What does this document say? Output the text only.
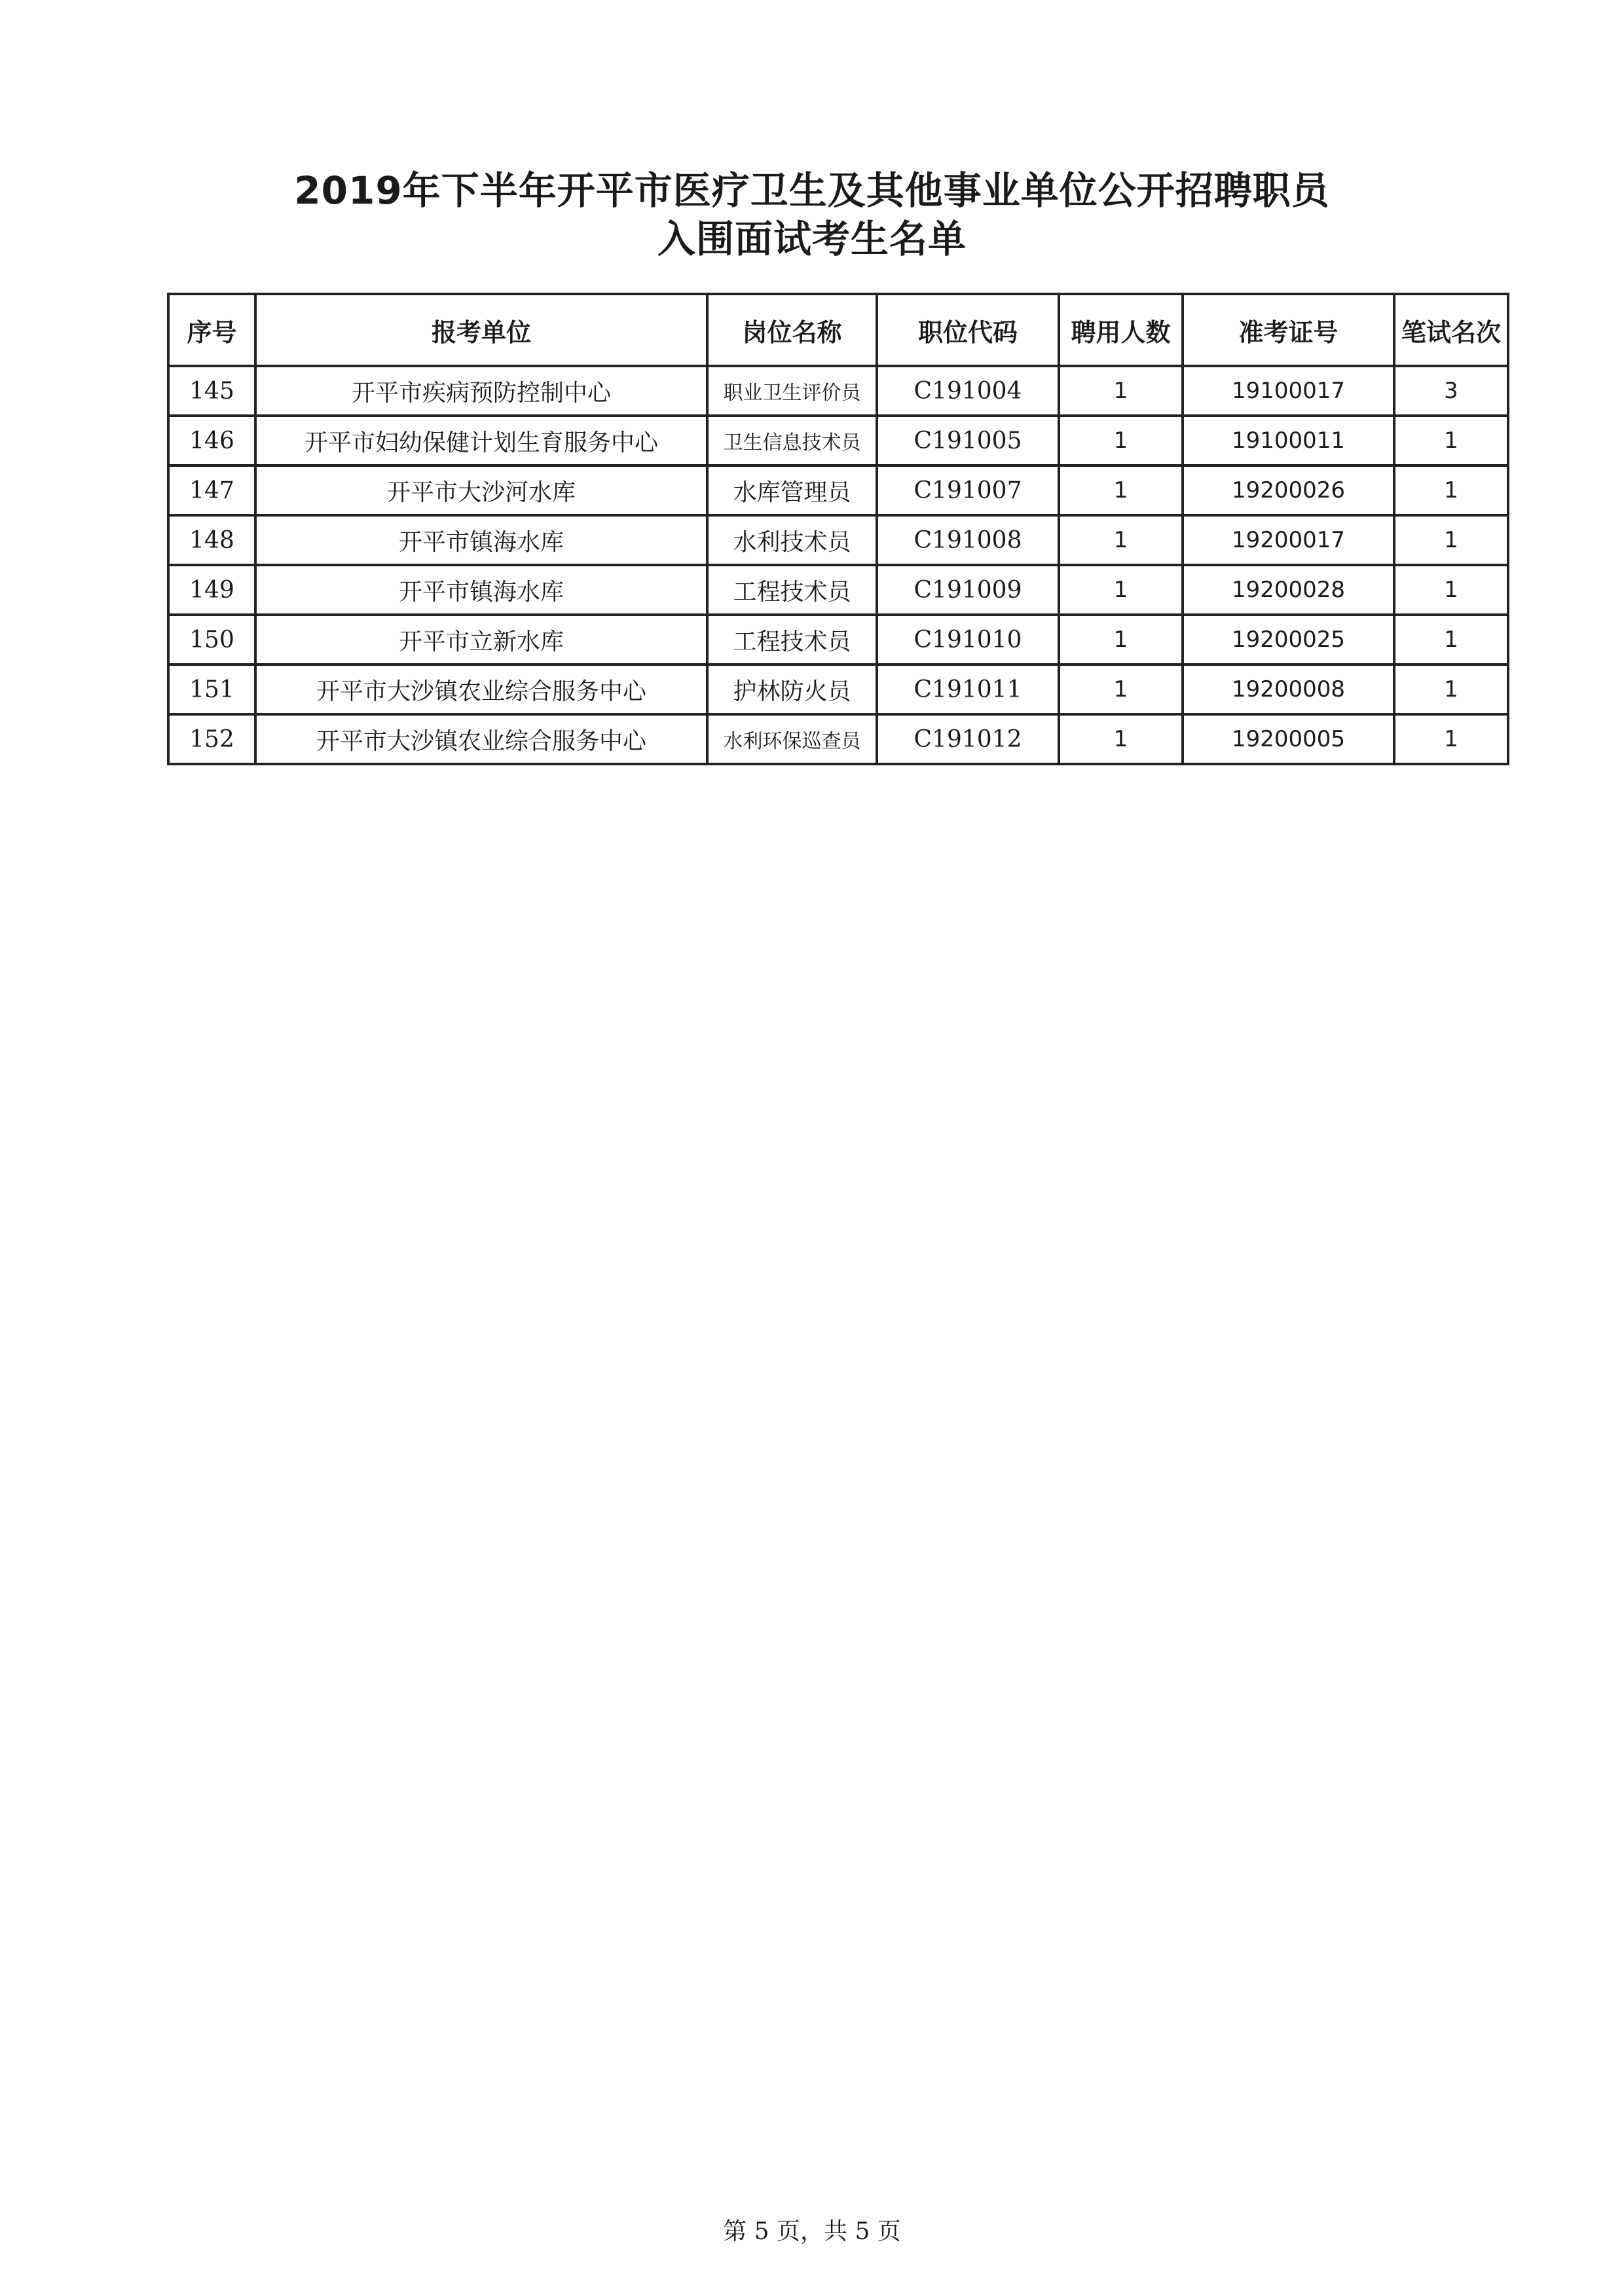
2019年下半年开平市医疗卫生及其他事业单位公开招聘职员
入围面试考生名单
序号	报考单位	岗位名称	职位代码	聘用人数	准考证号	笔试名次
145	开平市疾病预防控制中心	职业卫生评价员	C191004	1	19100017	3
146	开平市妇幼保健计划生育服务中心	卫生信息技术员	C191005	1	19100011	1
147	开平市大沙河水库	水库管理员	C191007	1	19200026	1
148	开平市镇海水库	水利技术员	C191008	1	19200017	1
149	开平市镇海水库	工程技术员	C191009	1	19200028	1
150	开平市立新水库	工程技术员	C191010	1	19200025	1
151	开平市大沙镇农业综合服务中心	护林防火员	C191011	1	19200008	1
152	开平市大沙镇农业综合服务中心	水利环保巡查员	C191012	1	19200005	1
第 5 页，共 5 页
